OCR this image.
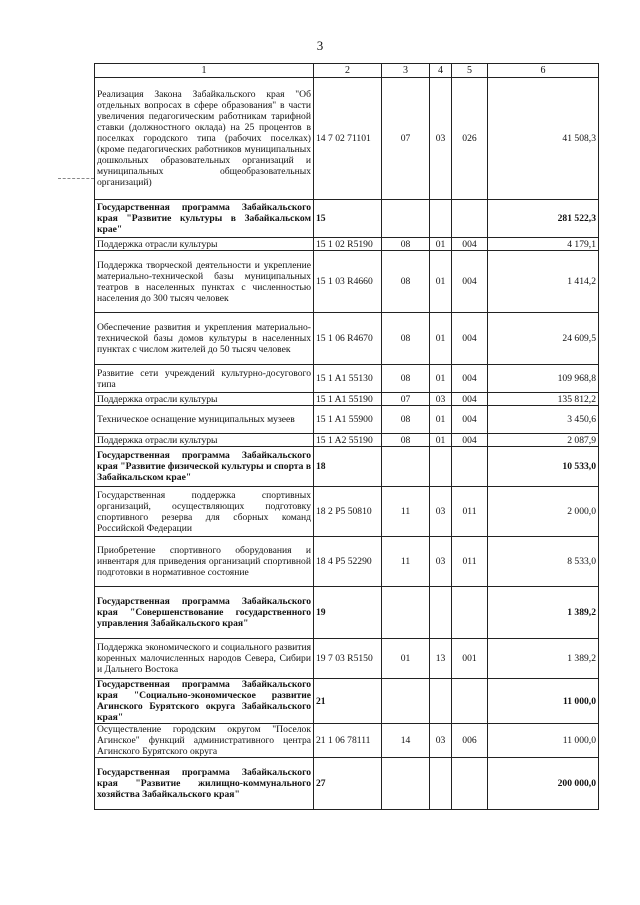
3
1	2	3	4	5	6
Реализация Закона Забайкальского края "Об отдельных вопросах в сфере образования" в части увеличения педагогическим работникам тарифной ставки (должностного оклада) на 25 процентов в поселках городского типа (рабочих поселках) (кроме педагогических работников муниципальных дошкольных образовательных организаций и муниципальных общеобразовательных организаций)	14 7 02 71101	07	03	026	41 508,3
Государственная программа Забайкальского края "Развитие культуры в Забайкальском крае"	15				281 522,3
Поддержка отрасли культуры	15 1 02 R5190	08	01	004	4 179,1
Поддержка творческой деятельности и укрепление материально-технической базы муниципальных театров в населенных пунктах с численностью населения до 300 тысяч человек	15 1 03 R4660	08	01	004	1 414,2
Обеспечение развития и укрепления материально-технической базы домов культуры в населенных пунктах с числом жителей до 50 тысяч человек	15 1 06 R4670	08	01	004	24 609,5
Развитие сети учреждений культурно-досугового типа	15 1 A1 55130	08	01	004	109 968,8
Поддержка отрасли культуры	15 1 A1 55190	07	03	004	135 812,2
Техническое оснащение муниципальных музеев	15 1 A1 55900	08	01	004	3 450,6
Поддержка отрасли культуры	15 1 A2 55190	08	01	004	2 087,9
Государственная программа Забайкальского края "Развитие физической культуры и спорта в Забайкальском крае"	18				10 533,0
Государственная поддержка спортивных организаций, осуществляющих подготовку спортивного резерва для сборных команд Российской Федерации	18 2 P5 50810	11	03	011	2 000,0
Приобретение спортивного оборудования и инвентаря для приведения организаций спортивной подготовки в нормативное состояние	18 4 P5 52290	11	03	011	8 533,0
Государственная программа Забайкальского края "Совершенствование государственного управления Забайкальского края"	19				1 389,2
Поддержка экономического и социального развития коренных малочисленных народов Севера, Сибири и Дальнего Востока	19 7 03 R5150	01	13	001	1 389,2
Государственная программа Забайкальского края "Социально-экономическое развитие Агинского Бурятского округа Забайкальского края"	21				11 000,0
Осуществление городским округом "Поселок Агинское" функций административного центра Агинского Бурятского округа	21 1 06 78111	14	03	006	11 000,0
Государственная программа Забайкальского края "Развитие жилищно-коммунального хозяйства Забайкальского края"	27				200 000,0
